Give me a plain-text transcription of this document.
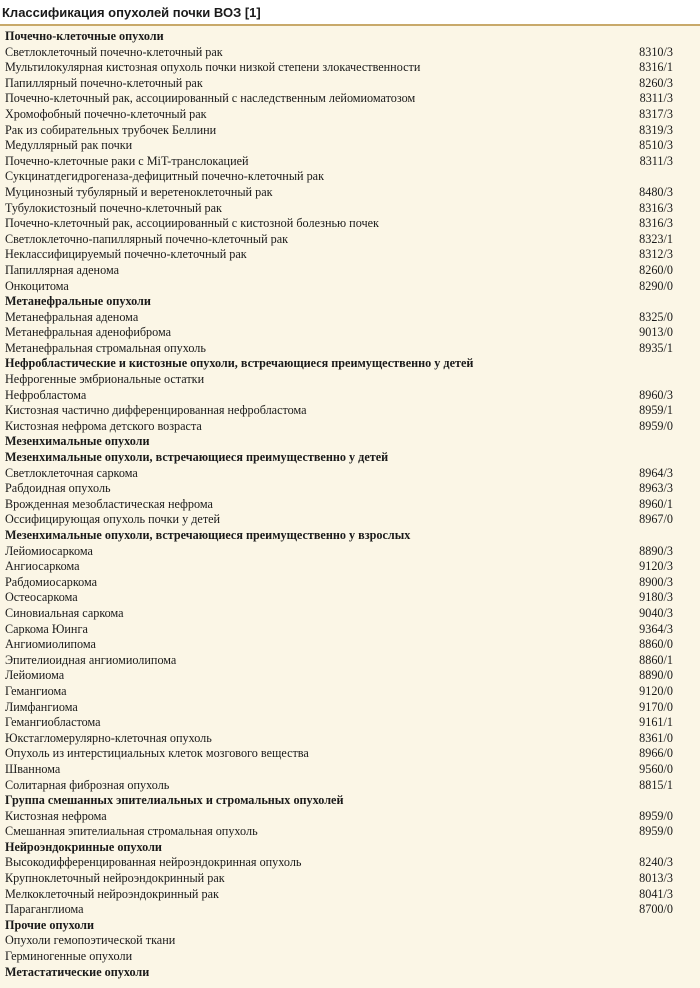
Классификация опухолей почки ВОЗ [1]
Почечно-клеточные опухоли
Светлоклеточный почечно-клеточный рак	8310/3
Мультилокулярная кистозная опухоль почки низкой степени злокачественности	8316/1
Папиллярный почечно-клеточный рак	8260/3
Почечно-клеточный рак, ассоциированный с наследственным лейомиоматозом	8311/3
Хромофобный почечно-клеточный рак	8317/3
Рак из собирательных трубочек Беллини	8319/3
Медуллярный рак почки	8510/3
Почечно-клеточные раки с MiT-транслокацией	8311/3
Сукцинатдегидрогеназа-дефицитный почечно-клеточный рак
Муцинозный тубулярный и веретеноклеточный рак	8480/3
Тубулокистозный почечно-клеточный рак	8316/3
Почечно-клеточный рак, ассоциированный с кистозной болезнью почек	8316/3
Светлоклеточно-папиллярный почечно-клеточный рак	8323/1
Неклассифицируемый почечно-клеточный рак	8312/3
Папиллярная аденома	8260/0
Онкоцитома	8290/0
Метанефральные опухоли
Метанефральная аденома	8325/0
Метанефральная аденофиброма	9013/0
Метанефральная стромальная опухоль	8935/1
Нефробластические и кистозные опухоли, встречающиеся преимущественно у детей
Нефрогенные эмбриональные остатки
Нефробластома	8960/3
Кистозная частично дифференцированная нефробластома	8959/1
Кистозная нефрома детского возраста	8959/0
Мезенхимальные опухоли
Мезенхимальные опухоли, встречающиеся преимущественно у детей
Светлоклеточная саркома	8964/3
Рабдоидная опухоль	8963/3
Врожденная мезобластическая нефрома	8960/1
Оссифицирующая опухоль почки у детей	8967/0
Мезенхимальные опухоли, встречающиеся преимущественно у взрослых
Лейомиосаркома	8890/3
Ангиосаркома	9120/3
Рабдомиосаркома	8900/3
Остеосаркома	9180/3
Синовиальная саркома	9040/3
Саркома Юинга	9364/3
Ангиомиолипома	8860/0
Эпителиоидная ангиомиолипома	8860/1
Лейомиома	8890/0
Гемангиома	9120/0
Лимфангиома	9170/0
Гемангиобластома	9161/1
Юкстагломерулярно-клеточная опухоль	8361/0
Опухоль из интерстициальных клеток мозгового вещества	8966/0
Шваннома	9560/0
Солитарная фиброзная опухоль	8815/1
Группа смешанных эпителиальных и стромальных опухолей
Кистозная нефрома	8959/0
Смешанная эпителиальная стромальная опухоль	8959/0
Нейроэндокринные опухоли
Высокодифференцированная нейроэндокринная опухоль	8240/3
Крупноклеточный нейроэндокринный рак	8013/3
Мелкоклеточный нейроэндокринный рак	8041/3
Параганглиома	8700/0
Прочие опухоли
Опухоли гемопоэтической ткани
Герминогенные опухоли
Метастатические опухоли
